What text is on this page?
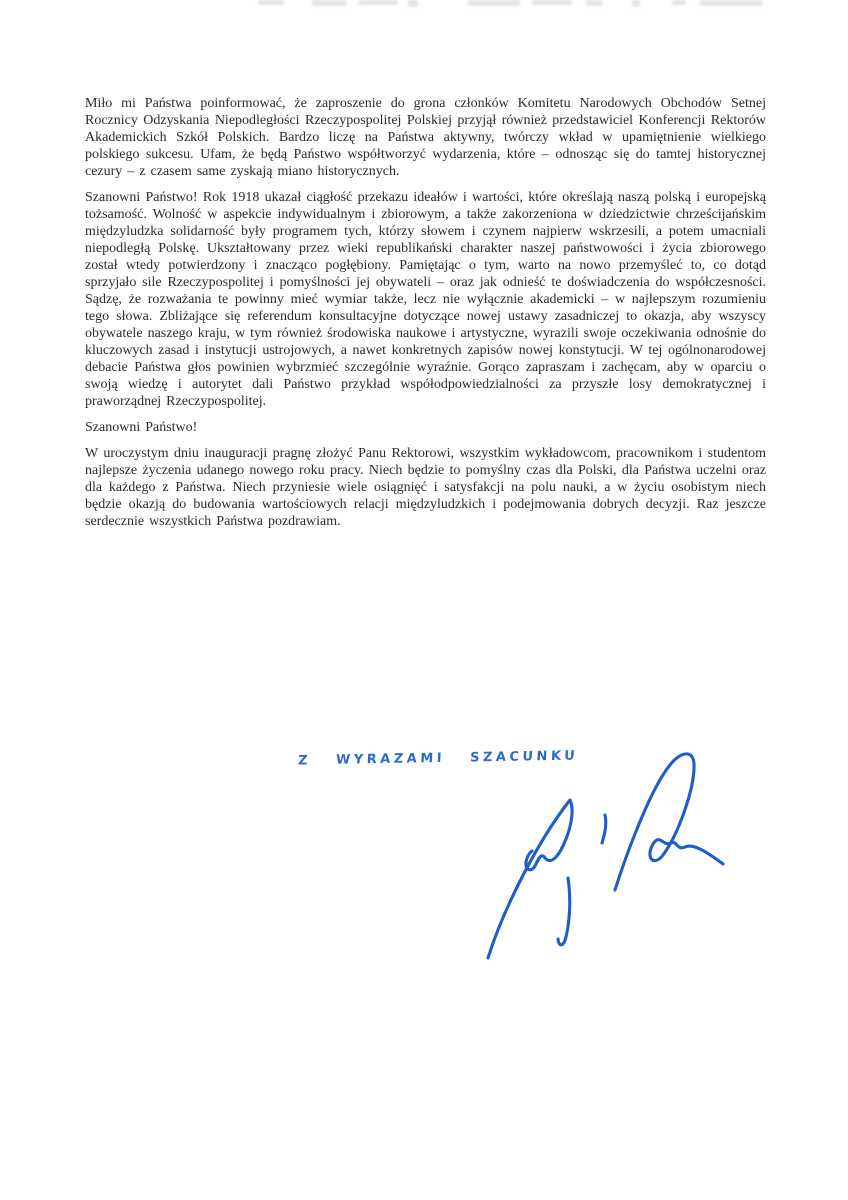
Miło mi Państwa poinformować, że zaproszenie do grona członków Komitetu Narodowych Obchodów Setnej Rocznicy Odzyskania Niepodległości Rzeczypospolitej Polskiej przyjął również przedstawiciel Konferencji Rektorów Akademickich Szkół Polskich. Bardzo liczę na Państwa aktywny, twórczy wkład w upamiętnienie wielkiego polskiego sukcesu. Ufam, że będą Państwo współtworzyć wydarzenia, które – odnosząc się do tamtej historycznej cezury – z czasem same zyskają miano historycznych.

Szanowni Państwo! Rok 1918 ukazał ciągłość przekazu ideałów i wartości, które określają naszą polską i europejską tożsamość. Wolność w aspekcie indywidualnym i zbiorowym, a także zakorzeniona w dziedzictwie chrześcijańskim międzyludzka solidarność były programem tych, którzy słowem i czynem najpierw wskrzesili, a potem umacniali niepodległą Polskę. Ukształtowany przez wieki republikański charakter naszej państwowości i życia zbiorowego został wtedy potwierdzony i znacząco pogłębiony. Pamiętając o tym, warto na nowo przemyśleć to, co dotąd sprzyjało sile Rzeczypospolitej i pomyślności jej obywateli – oraz jak odnieść te doświadczenia do współczesności. Sądzę, że rozważania te powinny mieć wymiar także, lecz nie wyłącznie akademicki – w najlepszym rozumieniu tego słowa. Zbliżające się referendum konsultacyjne dotyczące nowej ustawy zasadniczej to okazja, aby wszyscy obywatele naszego kraju, w tym również środowiska naukowe i artystyczne, wyrazili swoje oczekiwania odnośnie do kluczowych zasad i instytucji ustrojowych, a nawet konkretnych zapisów nowej konstytucji. W tej ogólnonarodowej debacie Państwa głos powinien wybrzmieć szczególnie wyraźnie. Gorąco zapraszam i zachęcam, aby w oparciu o swoją wiedzę i autorytet dali Państwo przykład współodpowiedzialności za przyszłe losy demokratycznej i praworządnej Rzeczypospolitej.

Szanowni Państwo!

W uroczystym dniu inauguracji pragnę złożyć Panu Rektorowi, wszystkim wykładowcom, pracownikom i studentom najlepsze życzenia udanego nowego roku pracy. Niech będzie to pomyślny czas dla Polski, dla Państwa uczelni oraz dla każdego z Państwa. Niech przyniesie wiele osiągnięć i satysfakcji na polu nauki, a w życiu osobistym niech będzie okazją do budowania wartościowych relacji międzyludzkich i podejmowania dobrych decyzji. Raz jeszcze serdecznie wszystkich Państwa pozdrawiam.

Z WYRAZAMI SZACUNKU
